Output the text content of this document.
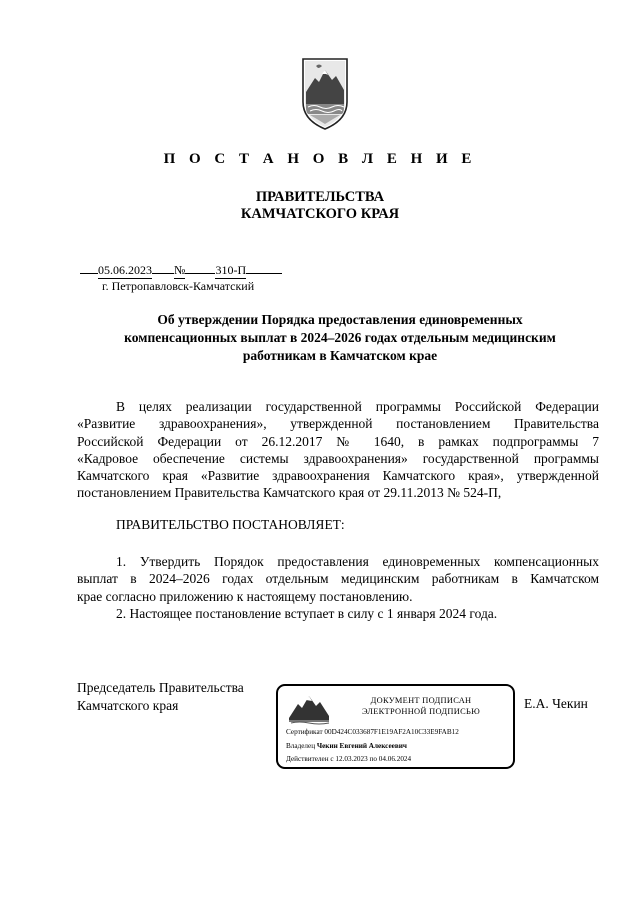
П О С Т А Н О В Л Е Н И Е
ПРАВИТЕЛЬСТВА
КАМЧАТСКОГО КРАЯ
05.06.2023 №	310-П
г. Петропавловск-Камчатский
Об утверждении Порядка предоставления единовременных
компенсационных выплат в 2024–2026 годах отдельным медицинским
работникам в Камчатском крае
В целях реализации государственной программы Российской Федерации
«Развитие здравоохранения», утвержденной постановлением Правительства
Российской Федерации от 26.12.2017 № 1640, в рамках подпрограммы 7
«Кадровое обеспечение системы здравоохранения» государственной программы
Камчатского края «Развитие здравоохранения Камчатского края», утвержденной
постановлением Правительства Камчатского края от 29.11.2013 № 524-П,
ПРАВИТЕЛЬСТВО ПОСТАНОВЛЯЕТ:
1. Утвердить Порядок предоставления единовременных компенсационных
выплат в 2024–2026 годах отдельным медицинским работникам в Камчатском
крае согласно приложению к настоящему постановлению.
2. Настоящее постановление вступает в силу с 1 января 2024 года.
Председатель Правительства
Камчатского края	Е.А. Чекин
ДОКУМЕНТ ПОДПИСАН
ЭЛЕКТРОННОЙ ПОДПИСЬЮ
Сертификат 00D424C033687F1E19AF2A10C33E9FAB12
Владелец Чекин Евгений Алексеевич
Действителен с 12.03.2023 по 04.06.2024
